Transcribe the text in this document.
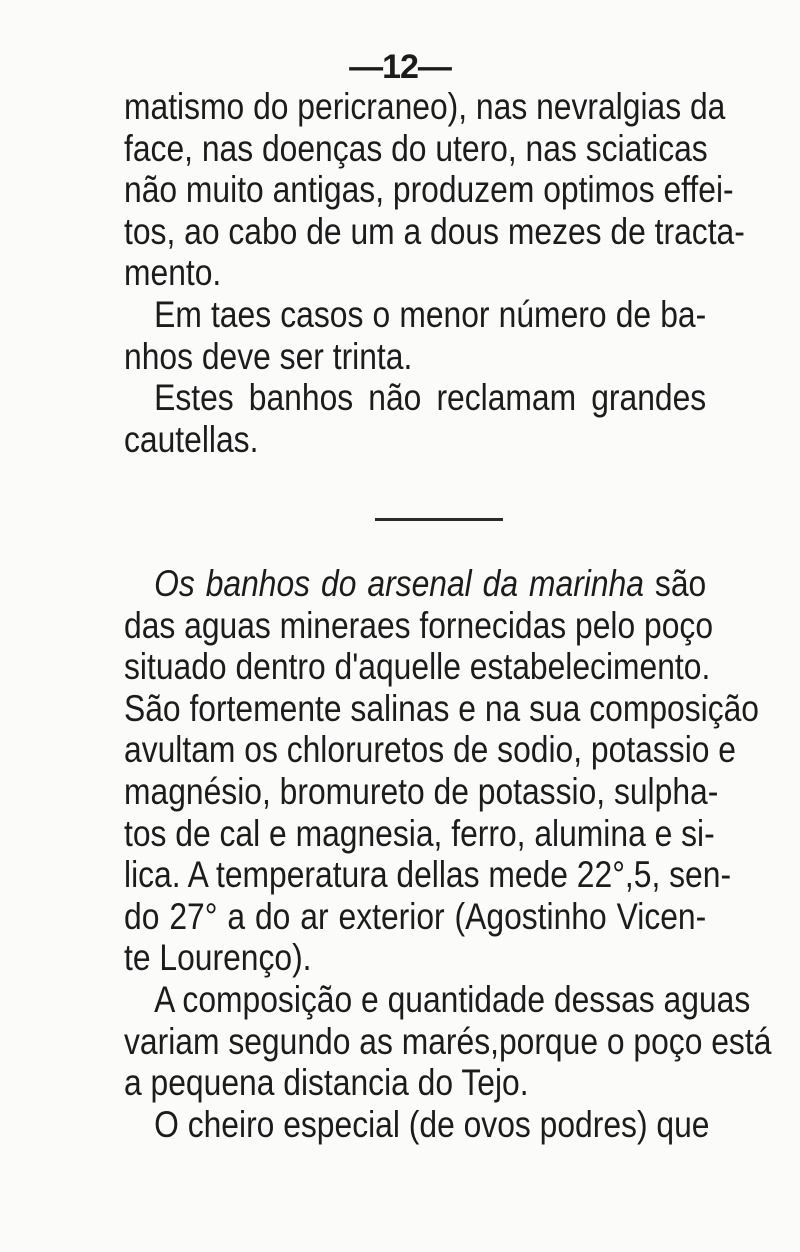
—12—
matismo do pericraneo), nas nevralgias da
face, nas doenças do utero, nas sciaticas
não muito antigas, produzem optimos effei-
tos, ao cabo de um a dous mezes de tracta-
mento.
Em taes casos o menor número de ba-
nhos deve ser trinta.
Estes banhos não reclamam grandes
cautellas.
Os banhos do arsenal da marinha são
das aguas mineraes fornecidas pelo poço
situado dentro d'aquelle estabelecimento.
São fortemente salinas e na sua composição
avultam os chloruretos de sodio, potassio e
magnésio, bromureto de potassio, sulpha-
tos de cal e magnesia, ferro, alumina e si-
lica. A temperatura dellas mede 22°,5, sen-
do 27° a do ar exterior (Agostinho Vicen-
te Lourenço).
A composição e quantidade dessas aguas
variam segundo as marés,porque o poço está
a pequena distancia do Tejo.
O cheiro especial (de ovos podres) que
